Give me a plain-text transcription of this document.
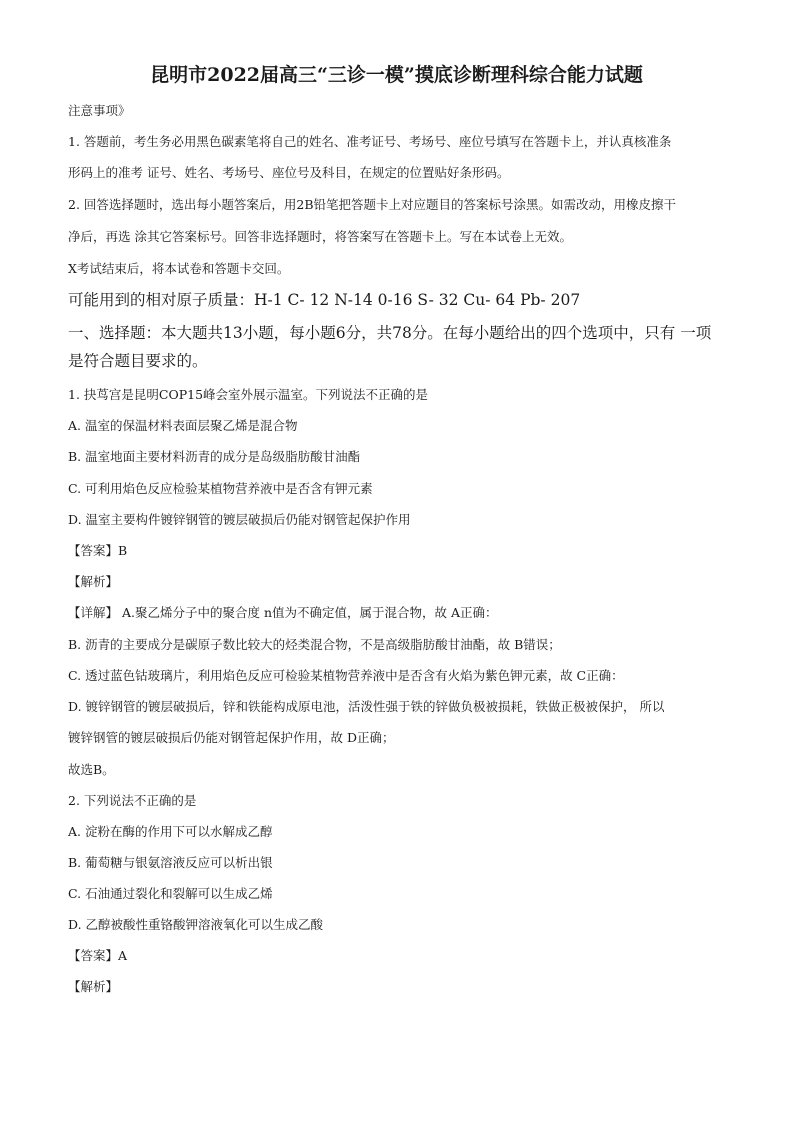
昆明市2022届高三“三诊一模”摸底诊断理科综合能力试题
注意事项》
1. 答题前，考生务必用黑色碳素笔将自己的姓名、准考证号、考场号、座位号填写在答题卡上，并认真核准条
形码上的准考 证号、姓名、考场号、座位号及科目，在规定的位置贴好条形码。
2. 回答选择题时，选出每小题答案后，用2B铅笔把答题卡上对应题目的答案标号涂黑。如需改动，用橡皮擦干
净后，再选 涂其它答案标号。回答非选择题时，将答案写在答题卡上。写在本试卷上无效。
X考试结束后，将本试卷和答题卡交回。
可能用到的相对原子质量：H-1 C- 12 N-14 0-16 S- 32 Cu- 64 Pb- 207
一、选择题：本大题共13小题，每小题6分，共78分。在每小题给出的四个选项中，只有 一项
是符合题目要求的。
1. 抉茑宫是昆明COP15峰会室外展示温室。下列说法不正确的是
A. 温室的保温材料表面层聚乙烯是混合物
B. 温室地面主要材料沥青的成分是岛级脂肪酸甘油酯
C. 可利用焰色反应检验某植物营养液中是否含有钾元素
D. 温室主要构件镀锌钢管的镀层破损后仍能对钢管起保护作用
【答案】B
【解析】
【详解】 A.聚乙烯分子中的聚合度 n值为不确定值，属于混合物，故 A正确：
B. 沥青的主要成分是碳原子数比较大的烃类混合物，不是高级脂肪酸甘油酯，故 B错误；
C. 透过蓝色钴玻璃片，利用焰色反应可检验某植物营养液中是否含有火焰为紫色钾元素，故 C正确：
D. 镀锌钢管的镀层破损后，锌和铁能构成原电池，活泼性强于铁的锌做负极被损耗，铁做正极被保护， 所以
镀锌钢管的镀层破损后仍能对钢管起保护作用，故 D正确；
故选B。
2. 下列说法不正确的是
A. 淀粉在酶的作用下可以水解成乙醇
B. 葡萄糖与银氨溶液反应可以析出银
C. 石油通过裂化和裂解可以生成乙烯
D. 乙醇被酸性重铬酸钾溶液氧化可以生成乙酸
【答案】A
【解析】
